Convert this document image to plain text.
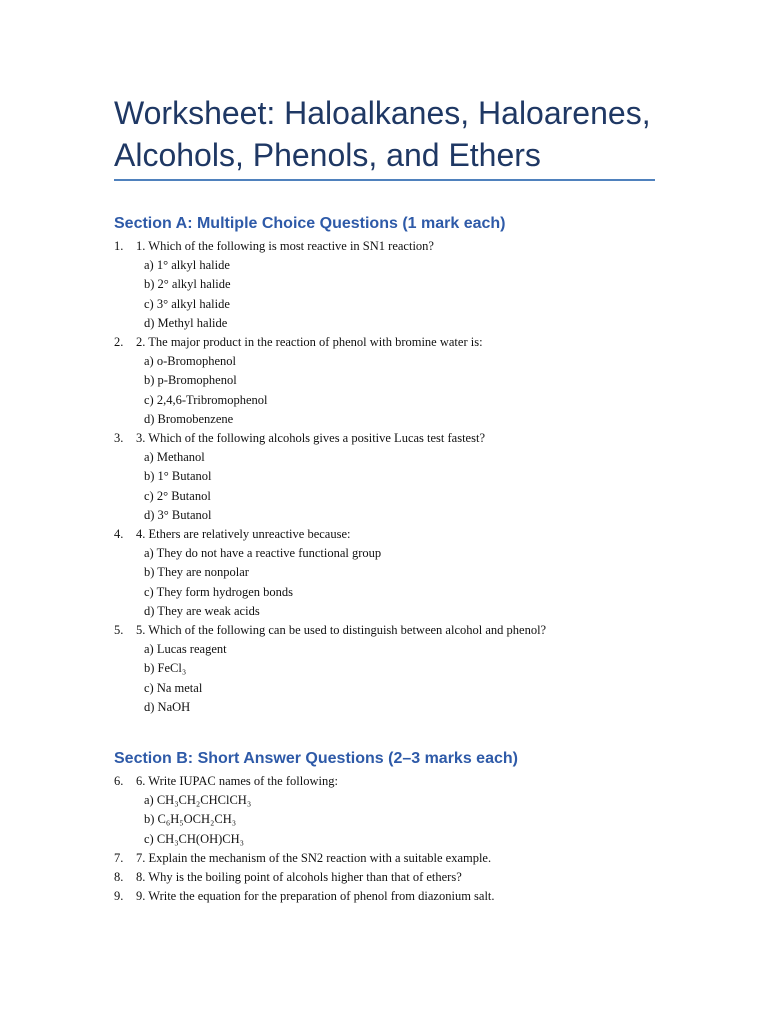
Worksheet: Haloalkanes, Haloarenes, Alcohols, Phenols, and Ethers
Section A: Multiple Choice Questions (1 mark each)
1. 1. Which of the following is most reactive in SN1 reaction?
a) 1° alkyl halide
b) 2° alkyl halide
c) 3° alkyl halide
d) Methyl halide
2. 2. The major product in the reaction of phenol with bromine water is:
a) o-Bromophenol
b) p-Bromophenol
c) 2,4,6-Tribromophenol
d) Bromobenzene
3. 3. Which of the following alcohols gives a positive Lucas test fastest?
a) Methanol
b) 1° Butanol
c) 2° Butanol
d) 3° Butanol
4. 4. Ethers are relatively unreactive because:
a) They do not have a reactive functional group
b) They are nonpolar
c) They form hydrogen bonds
d) They are weak acids
5. 5. Which of the following can be used to distinguish between alcohol and phenol?
a) Lucas reagent
b) FeCl₃
c) Na metal
d) NaOH
Section B: Short Answer Questions (2–3 marks each)
6. 6. Write IUPAC names of the following:
a) CH₃CH₂CHClCH₃
b) C₆H₅OCH₂CH₃
c) CH₃CH(OH)CH₃
7. 7. Explain the mechanism of the SN2 reaction with a suitable example.
8. 8. Why is the boiling point of alcohols higher than that of ethers?
9. 9. Write the equation for the preparation of phenol from diazonium salt.
